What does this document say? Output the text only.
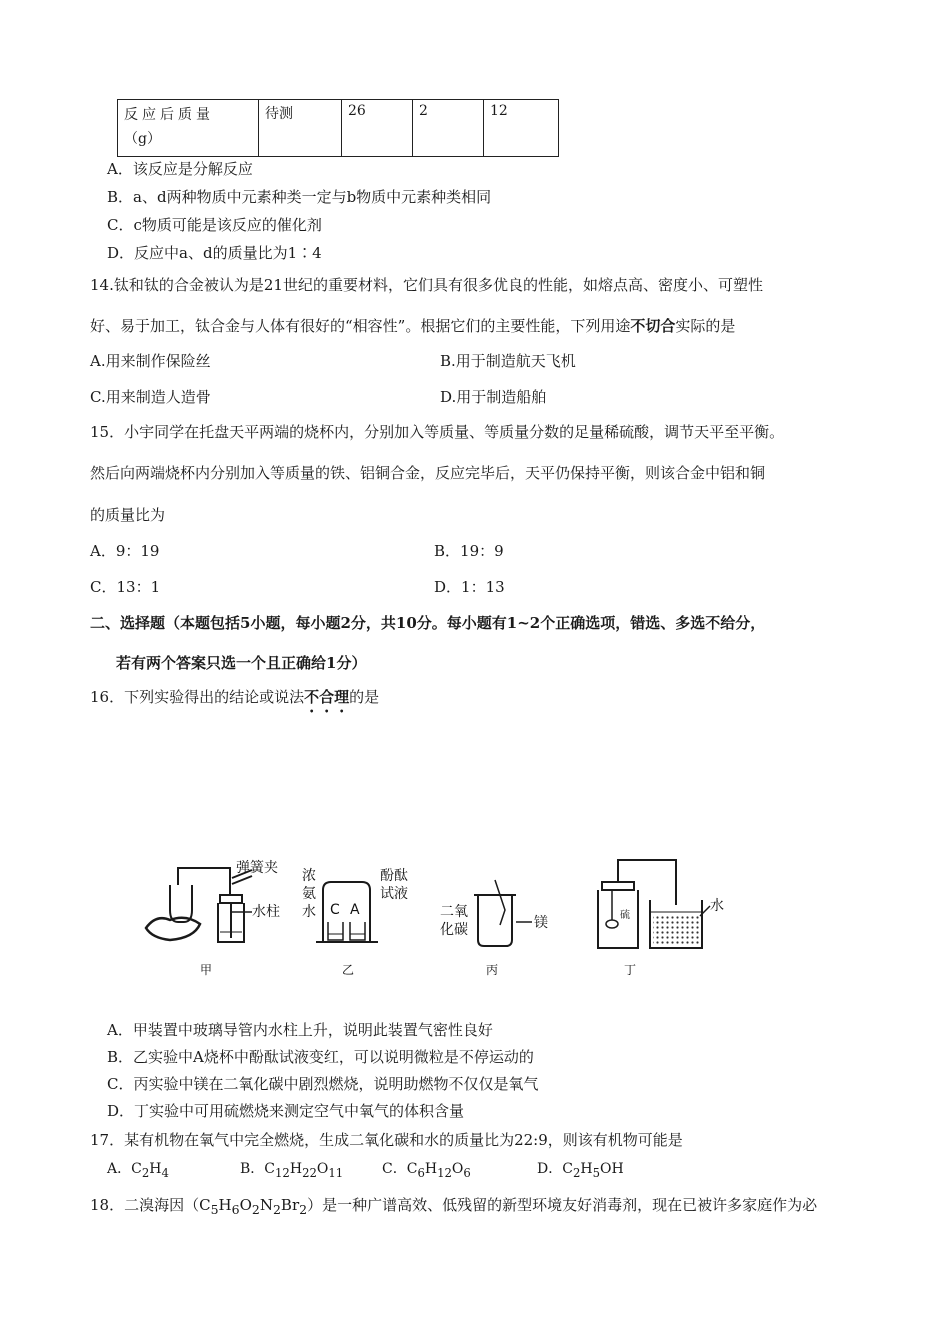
反应后质量
（g）
	待测	26	2	12
A．该反应是分解反应
B．a、d两种物质中元素种类一定与b物质中元素种类相同
C．c物质可能是该反应的催化剂
D．反应中a、d的质量比为1∶4
14.钛和钛的合金被认为是21世纪的重要材料，它们具有很多优良的性能，如熔点高、密度小、可塑性
好、易于加工，钛合金与人体有很好的“相容性”。根据它们的主要性能，下列用途不切合实际的是
A.用来制作保险丝	B.用于制造航天飞机
C.用来制造人造骨	D.用于制造船舶
15．小宇同学在托盘天平两端的烧杯内，分别加入等质量、等质量分数的足量稀硫酸，调节天平至平衡。
然后向两端烧杯内分别加入等质量的铁、铝铜合金，反应完毕后，天平仍保持平衡，则该合金中铝和铜
的质量比为
A．9：19	B．19：9
C．13：1	D．1：13
二、选择题（本题包括5小题，每小题2分，共10分。每小题有1~2个正确选项，错选、多选不给分，
若有两个答案只选一个且正确给1分）
16．下列实验得出的结论或说法不合理的是
弹簧夹
水柱
甲
浓
氨
水 C A
酚酞
试液
乙
二氧
化碳	镁
丙
硫
水
丁
A．甲装置中玻璃导管内水柱上升，说明此装置气密性良好
B．乙实验中A烧杯中酚酞试液变红，可以说明微粒是不停运动的
C．丙实验中镁在二氧化碳中剧烈燃烧，说明助燃物不仅仅是氧气
D．丁实验中可用硫燃烧来测定空气中氧气的体积含量
17．某有机物在氧气中完全燃烧，生成二氧化碳和水的质量比为22:9，则该有机物可能是
A．$C_2H_4$	B．$C_{12}H_{22}O_{11}$	C．$C_6H_{12}O_6$	D．$C_2H_5OH$
18．二溴海因$(C_5H_6O_2N_2Br_2)$是一种广谱高效、低残留的新型环境友好消毒剂，现在已被许多家庭作为必
